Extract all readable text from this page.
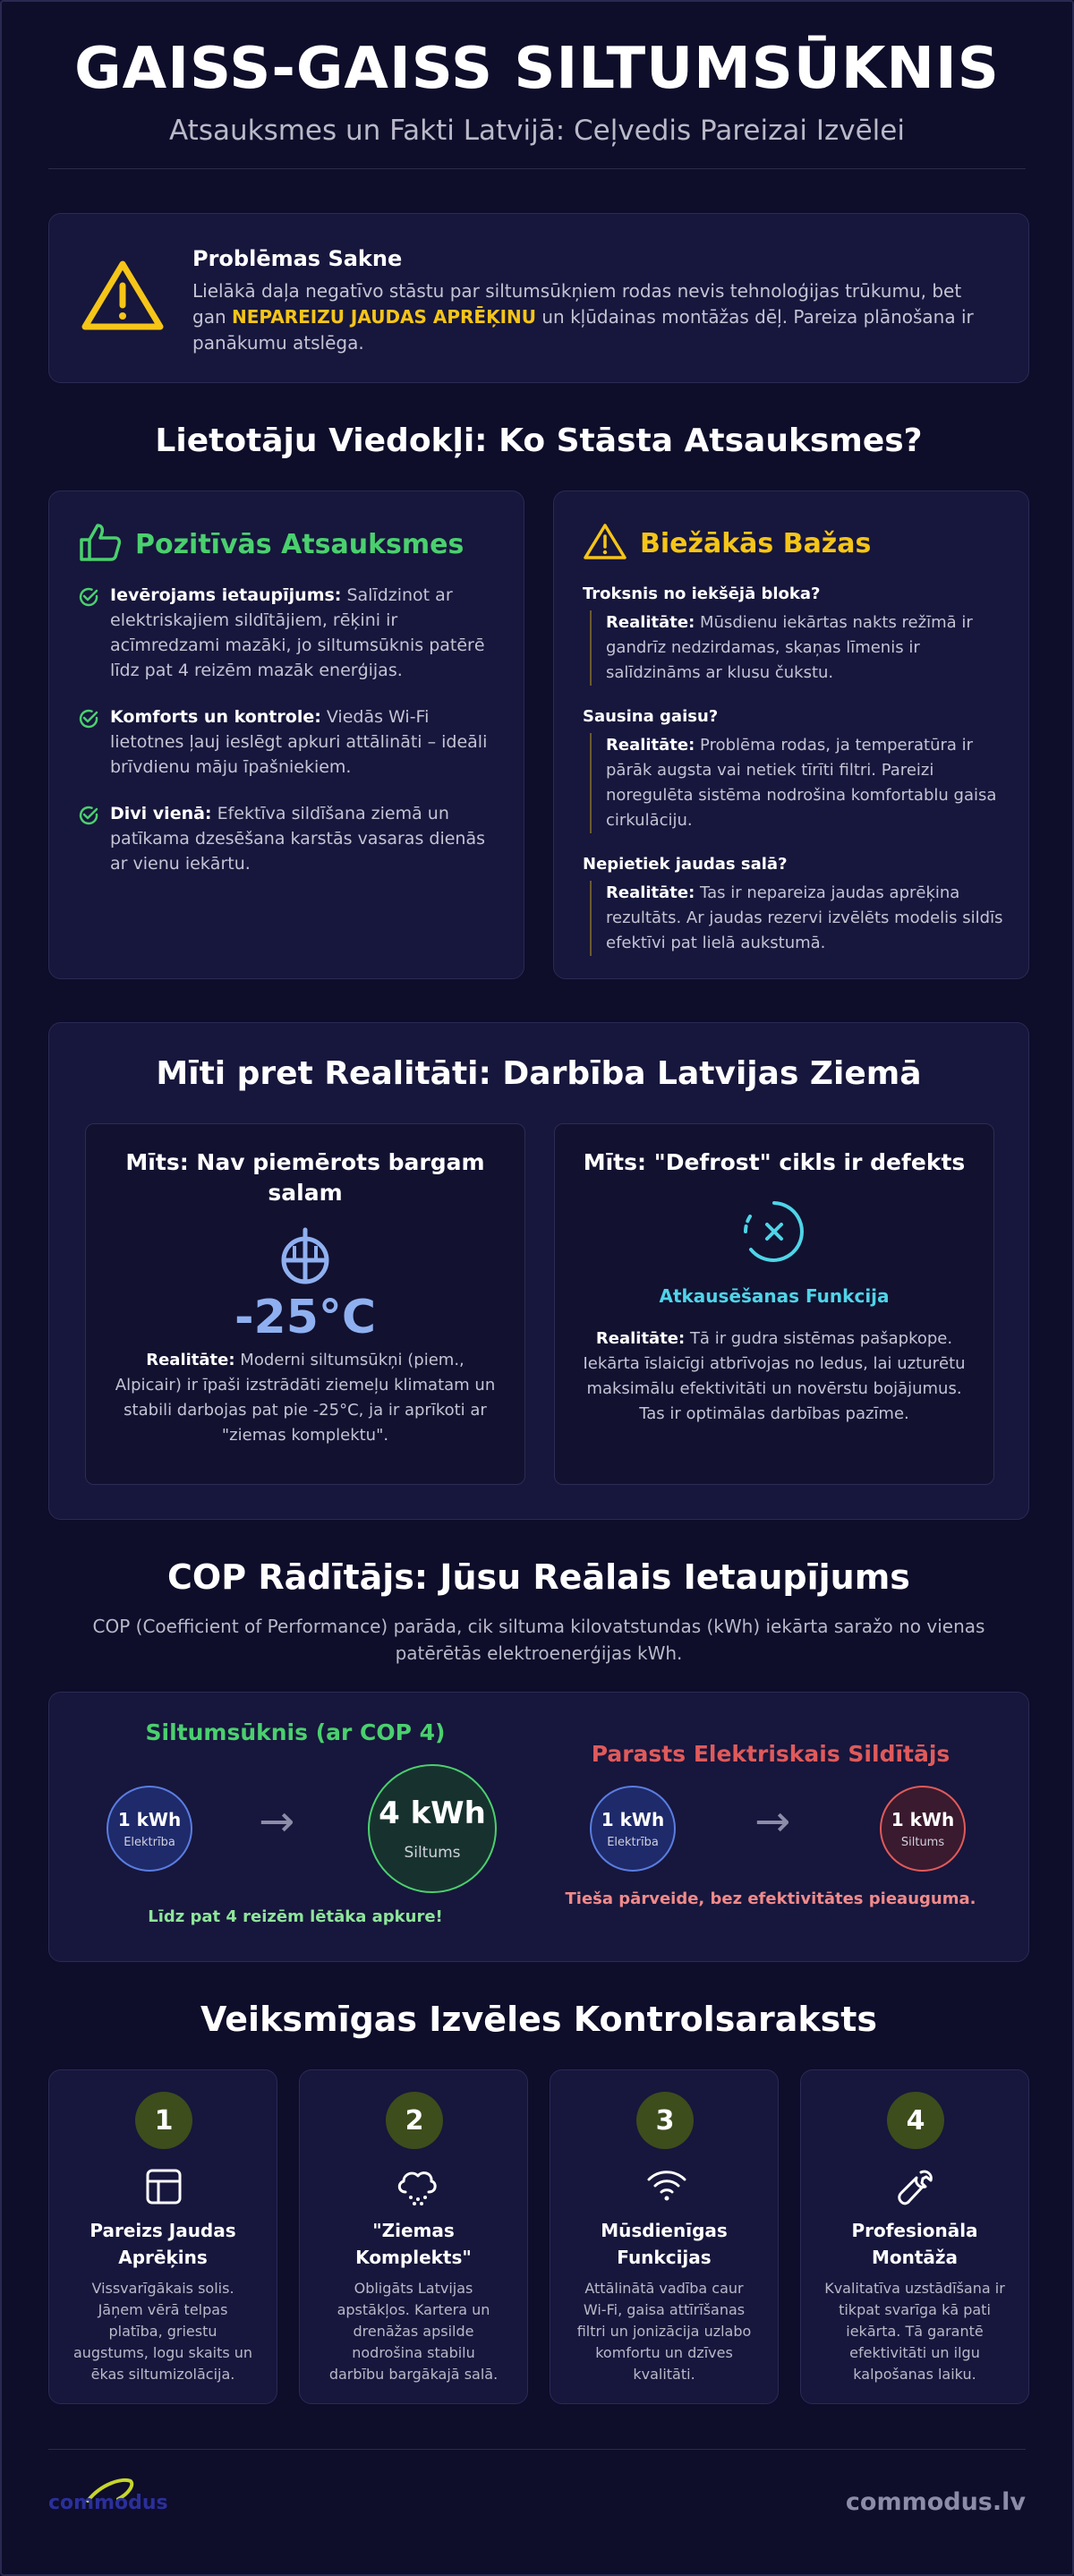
GAISS-GAISS SILTUMSŪKNIS
Atsauksmes un Fakti Latvijā: Ceļvedis Pareizai Izvēlei
Problēmas Sakne

Lielākā daļa negatīvo stāstu par siltumsūkņiem rodas nevis tehnoloģijas trūkumu, bet gan NEPAREIZU JAUDAS APRĒĶINU un kļūdainas montāžas dēļ. Pareiza plānošana ir panākumu atslēga.

Lietotāju Viedokļi: Ko Stāsta Atsauksmes?
Pozitīvās Atsauksmes

Ievērojams ietaupījums: Salīdzinot ar elektriskajiem sildītājiem, rēķini ir acīmredzami mazāki, jo siltumsūknis patērē līdz pat 4 reizēm mazāk enerģijas.

Komforts un kontrole: Viedās Wi-Fi lietotnes ļauj ieslēgt apkuri attālināti – ideāli brīvdienu māju īpašniekiem.

Divi vienā: Efektīva sildīšana ziemā un patīkama dzesēšana karstās vasaras dienās ar vienu iekārtu.

Biežākās Bažas

Troksnis no iekšējā bloka?

Realitāte: Mūsdienu iekārtas nakts režīmā ir gandrīz nedzirdamas, skaņas līmenis ir salīdzināms ar klusu čukstu.

Sausina gaisu?

Realitāte: Problēma rodas, ja temperatūra ir pārāk augsta vai netiek tīrīti filtri. Pareizi noregulēta sistēma nodrošina komfortablu gaisa cirkulāciju.

Nepietiek jaudas salā?

Realitāte: Tas ir nepareiza jaudas aprēķina rezultāts. Ar jaudas rezervi izvēlēts modelis sildīs efektīvi pat lielā aukstumā.

Mīti pret Realitāti: Darbība Latvijas Ziemā
Mīts: Nav piemērots bargam salam
-25°C
Realitāte: Moderni siltumsūkņi (piem., Alpicair) ir īpaši izstrādāti ziemeļu klimatam un stabili darbojas pat pie -25°C, ja ir aprīkoti ar "ziemas komplektu".
Mīts: "Defrost" cikls ir defekts
Atkausēšanas Funkcija
Realitāte: Tā ir gudra sistēmas pašapkope. Iekārta īslaicīgi atbrīvojas no ledus, lai uzturētu maksimālu efektivitāti un novērstu bojājumus. Tas ir optimālas darbības pazīme.
COP Rādītājs: Jūsu Reālais Ietaupījums

COP (Coefficient of Performance) parāda, cik siltuma kilovatstundas (kWh) iekārta saražo no vienas patērētās elektroenerģijas kWh.

Siltumsūknis (ar COP 4)
1 kWh
Elektrība →	4 kWh
Siltums
Līdz pat 4 reizēm lētāka apkure!
Parasts Elektriskais Sildītājs
1 kWh
Elektrība →	1 kWh
Siltums
Tieša pārveide, bez efektivitātes pieauguma.
Veiksmīgas Izvēles Kontrolsaraksts
1
Pareizs Jaudas Aprēķins

Vissvarīgākais solis. Jāņem vērā telpas platība, griestu augstums, logu skaits un ēkas siltumizolācija.

2
"Ziemas Komplekts"

Obligāts Latvijas apstākļos. Kartera un drenāžas apsilde nodrošina stabilu darbību bargākajā salā.

3
Mūsdienīgas Funkcijas

Attālinātā vadība caur Wi-Fi, gaisa attīrīšanas filtri un jonizācija uzlabo komfortu un dzīves kvalitāti.

4
Profesionāla Montāža

Kvalitatīva uzstādīšana ir tikpat svarīga kā pati iekārta. Tā garantē efektivitāti un ilgu kalpošanas laiku.

commodus	commodus.lv
